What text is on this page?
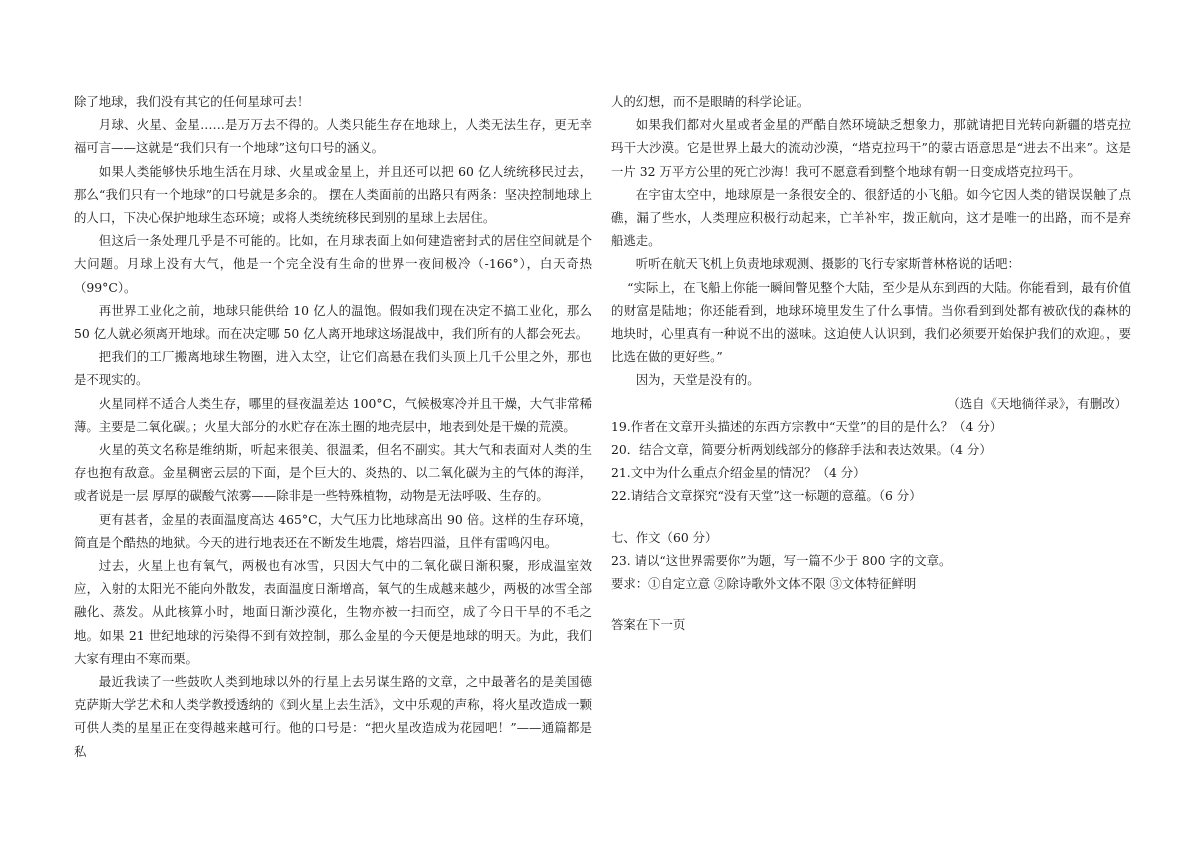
除了地球，我们没有其它的任何星球可去！

月球、火星、金星……是万万去不得的。人类只能生存在地球上，人类无法生存，更无幸福可言——这就是“我们只有一个地球”这句口号的涵义。

如果人类能够快乐地生活在月球、火星或金星上，并且还可以把 60 亿人统统移民过去，那么“我们只有一个地球”的口号就是多余的。 摆在人类面前的出路只有两条：坚决控制地球上的人口，下决心保护地球生态环境；或将人类统统移民到别的星球上去居住。

但这后一条处理几乎是不可能的。比如，在月球表面上如何建造密封式的居住空间就是个大问题。月球上没有大气，他是一个完全没有生命的世界一夜间极冷（-166°），白天奇热（99°C）。

再世界工业化之前，地球只能供给 10 亿人的温饱。假如我们现在决定不搞工业化，那么 50 亿人就必须离开地球。而在决定哪 50 亿人离开地球这场混战中，我们所有的人都会死去。

把我们的工厂搬离地球生物圈，进入太空，让它们高悬在我们头顶上几千公里之外，那也是不现实的。

火星同样不适合人类生存，哪里的昼夜温差达 100°C，气候极寒冷并且干燥，大气非常稀薄。主要是二氧化碳。；火星大部分的水贮存在冻土圈的地壳层中，地表到处是干燥的荒漠。

火星的英文名称是维纳斯，听起来很美、很温柔，但名不副实。其大气和表面对人类的生存也抱有敌意。金星稠密云层的下面，是个巨大的、炎热的、以二氧化碳为主的气体的海洋，或者说是一层 厚厚的碳酸气浓雾——除非是一些特殊植物，动物是无法呼吸、生存的。

更有甚者，金星的表面温度高达 465°C，大气压力比地球高出 90 倍。这样的生存环境，简直是个酷热的地狱。今天的进行地表还在不断发生地震，熔岩四溢，且伴有雷鸣闪电。

过去，火星上也有氧气，两极也有冰雪，只因大气中的二氧化碳日渐积聚，形成温室效应，入射的太阳光不能向外散发，表面温度日渐增高，氧气的生成越来越少，两极的冰雪全部融化、蒸发。从此核算小时，地面日渐沙漠化，生物亦被一扫而空，成了今日干旱的不毛之地。如果 21 世纪地球的污染得不到有效控制，那么金星的今天便是地球的明天。为此，我们大家有理由不寒而栗。

最近我读了一些鼓吹人类到地球以外的行星上去另谋生路的文章，之中最著名的是美国德克萨斯大学艺术和人类学教授透纳的《到火星上去生活》，文中乐观的声称，将火星改造成一颗可供人类的星星正在变得越来越可行。他的口号是：“把火星改造成为花园吧！”——通篇都是私

人的幻想，而不是眼睛的科学论证。

如果我们都对火星或者金星的严酷自然环境缺乏想象力，那就请把目光转向新疆的塔克拉玛干大沙漠。它是世界上最大的流动沙漠，“塔克拉玛干”的蒙古语意思是“进去不出来”。这是一片 32 万平方公里的死亡沙海！我可不愿意看到整个地球有朝一日变成塔克拉玛干。

在宇宙太空中，地球原是一条很安全的、很舒适的小飞船。如今它因人类的错误误触了点礁，漏了些水，人类理应积极行动起来，亡羊补牢，拨正航向，这才是唯一的出路，而不是弃船逃走。

听听在航天飞机上负责地球观测、摄影的飞行专家斯普林格说的话吧：

“实际上，在飞船上你能一瞬间瞥见整个大陆，至少是从东到西的大陆。你能看到，最有价值的财富是陆地；你还能看到，地球环境里发生了什么事情。当你看到到处都有被砍伐的森林的地块时，心里真有一种说不出的滋味。这迫使人认识到，我们必须要开始保护我们的欢迎。，要比选在做的更好些。”

因为，天堂是没有的。

（选自《天地徜徉录》，有删改）

19.作者在文章开头描述的东西方宗教中“天堂”的目的是什么？（4 分）

20．结合文章，简要分析两划线部分的修辞手法和表达效果。（4 分）

21.文中为什么重点介绍金星的情况？（4 分）

22.请结合文章探究“没有天堂”这一标题的意蕴。（6 分）

七、作文（60 分）

23. 请以“这世界需要你”为题，写一篇不少于 800 字的文章。

要求：①自定立意 ②除诗歌外文体不限 ③文体特征鲜明

答案在下一页
